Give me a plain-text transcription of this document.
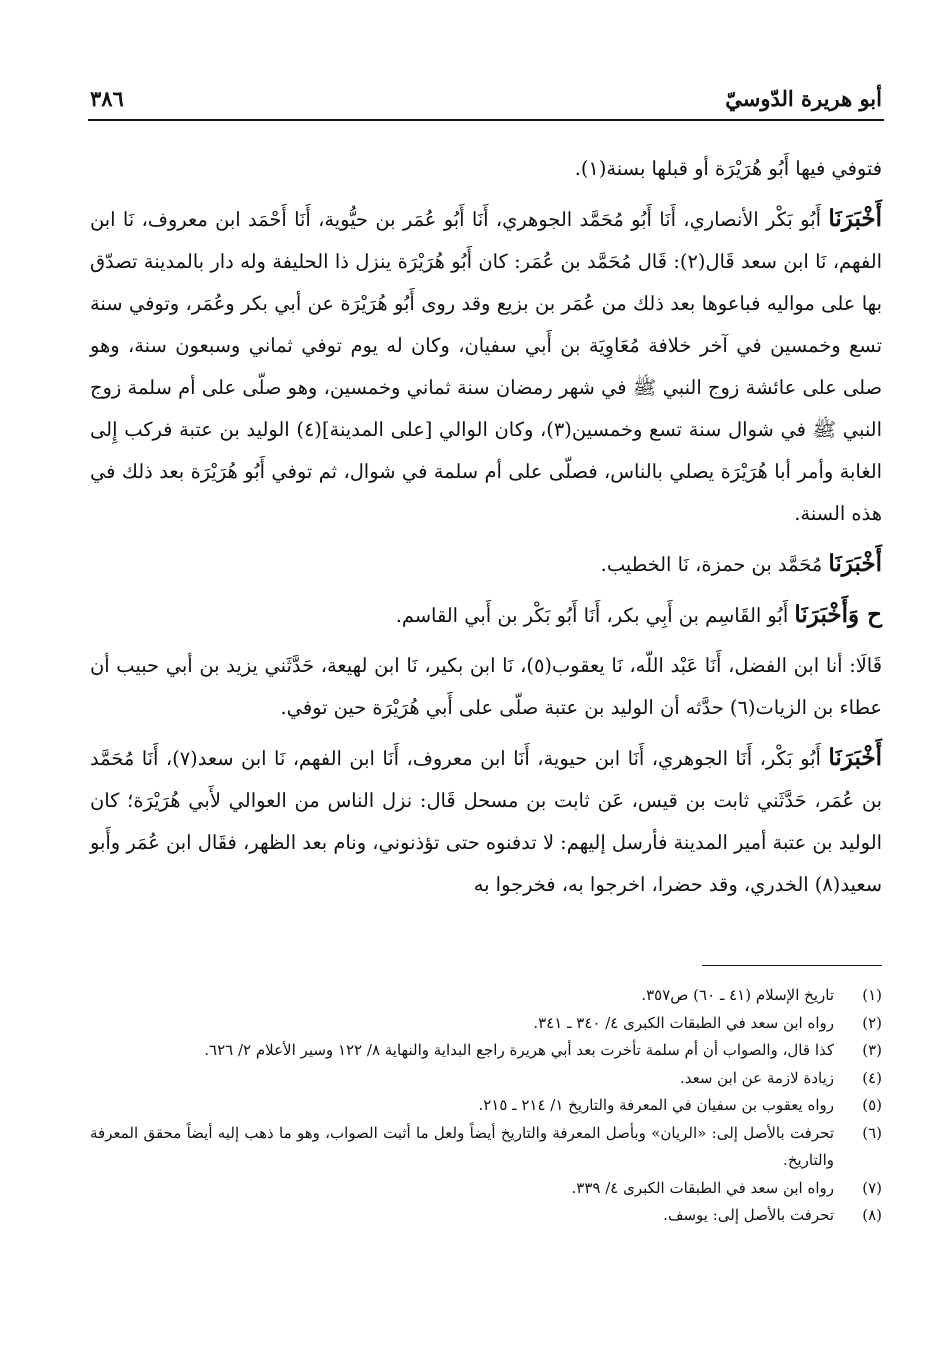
أبو هريرة الدّوسيّ
٣٨٦

فتوفي فيها أَبُو هُرَيْرَة أو قبلها بسنة(١).

أَخْبَرَنَا أَبُو بَكْر الأنصاري، أَنَا أَبُو مُحَمَّد الجوهري، أَنَا أَبُو عُمَر بن حيُّوية، أَنَا أَحْمَد ابن معروف، نَا ابن الفهم، نَا ابن سعد قَال(٢): قَال مُحَمَّد بن عُمَر: كان أَبُو هُرَيْرَة ينزل ذا الحليفة وله دار بالمدينة تصدّق بها على مواليه فباعوها بعد ذلك من عُمَر بن بزيع وقد روى أَبُو هُرَيْرَة عن أبي بكر وعُمَر، وتوفي سنة تسع وخمسين في آخر خلافة مُعَاوِيَة بن أَبي سفيان، وكان له يوم توفي ثماني وسبعون سنة، وهو صلى على عائشة زوج النبي ﷺ في شهر رمضان سنة ثماني وخمسين، وهو صلّى على أم سلمة زوج النبي ﷺ في شوال سنة تسع وخمسين(٣)، وكان الوالي [على المدينة](٤) الوليد بن عتبة فركب إِلى الغابة وأمر أبا هُرَيْرَة يصلي بالناس، فصلّى على أم سلمة في شوال، ثم توفي أَبُو هُرَيْرَة بعد ذلك في هذه السنة.

أَخْبَرَنَا مُحَمَّد بن حمزة، نَا الخطيب.

ح وَأَخْبَرَنَا أَبُو القَاسِم بن أَبِي بكر، أَنَا أَبُو بَكْر بن أَبي القاسم.

قَالَا: أنا ابن الفضل، أَنَا عَبْد اللّه، نَا يعقوب(٥)، نَا ابن بكير، نَا ابن لهيعة، حَدَّثَني يزيد بن أبي حبيب أن عطاء بن الزيات(٦) حدَّثه أن الوليد بن عتبة صلّى على أَبي هُرَيْرَة حين توفي.

أَخْبَرَنَا أَبُو بَكْر، أَنَا الجوهري، أَنَا ابن حيوية، أَنَا ابن معروف، أَنَا ابن الفهم، نَا ابن سعد(٧)، أَنَا مُحَمَّد بن عُمَر، حَدَّثَني ثابت بن قيس، عَن ثابت بن مسحل قَال: نزل الناس من العوالي لأَبي هُرَيْرَة؛ كان الوليد بن عتبة أمير المدينة فأرسل إليهم: لا تدفنوه حتى تؤذنوني، ونام بعد الظهر، فقَال ابن عُمَر وأَبو سعيد(٨) الخدري، وقد حضرا، اخرجوا به، فخرجوا به

(١)
تاريخ الإسلام (٤١ ـ ٦٠) ص٣٥٧.
(٢)
رواه ابن سعد في الطبقات الكبرى ٤/ ٣٤٠ ـ ٣٤١.
(٣)
كذا قال، والصواب أن أم سلمة تأخرت بعد أبي هريرة راجع البداية والنهاية ٨/ ١٢٢ وسير الأعلام ٢/ ٦٢٦.
(٤)
زيادة لازمة عن ابن سعد.
(٥)
رواه يعقوب بن سفيان في المعرفة والتاريخ ١/ ٢١٤ ـ ٢١٥.
(٦)
تحرفت بالأصل إلى: «الريان» وبأصل المعرفة والتاريخ أيضاً ولعل ما أثبت الصواب، وهو ما ذهب إليه أيضاً محقق المعرفة والتاريخ.
(٧)
رواه ابن سعد في الطبقات الكبرى ٤/ ٣٣٩.
(٨)
تحرفت بالأصل إلى: يوسف.
